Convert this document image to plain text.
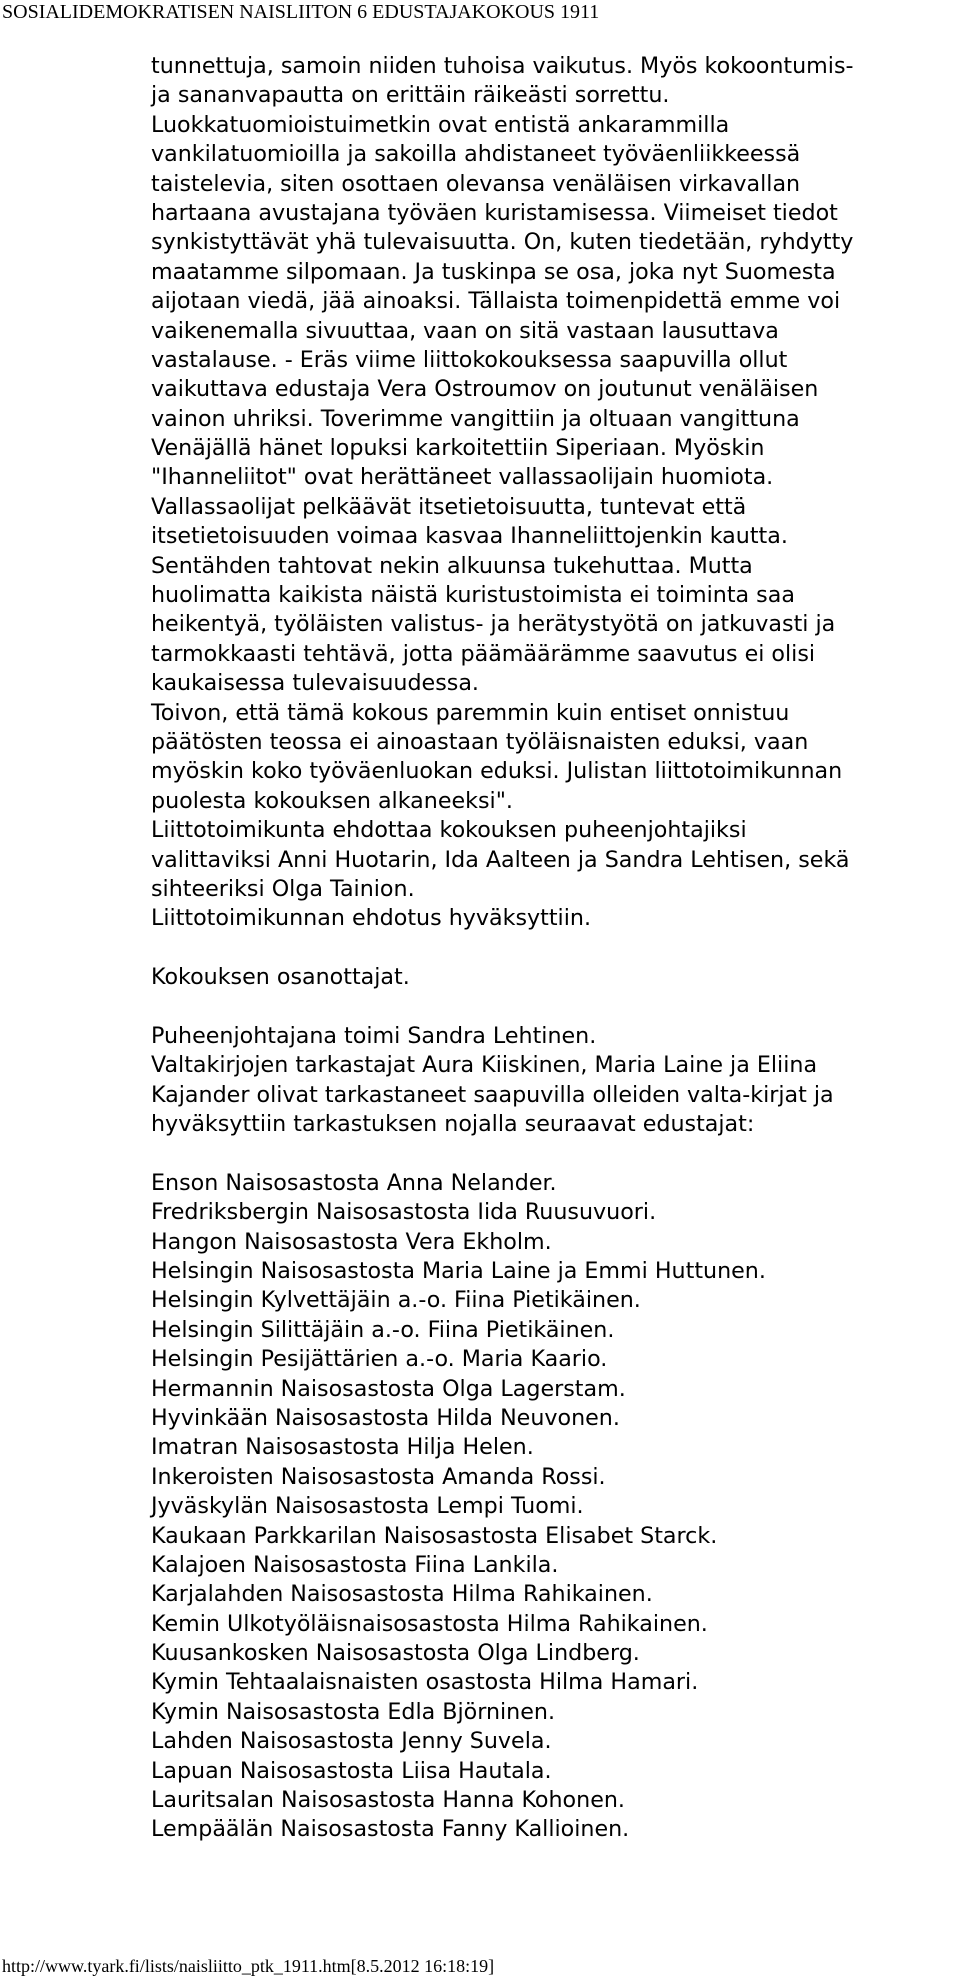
SOSIALIDEMOKRATISEN NAISLIITON 6 EDUSTAJAKOKOUS 1911
tunnettuja, samoin niiden tuhoisa vaikutus. Myös kokoontumis-
ja sananvapautta on erittäin räikeästi sorrettu.
Luokkatuomioistuimetkin ovat entistä ankarammilla
vankilatuomioilla ja sakoilla ahdistaneet työväenliikkeessä
taistelevia, siten osottaen olevansa venäläisen virkavallan
hartaana avustajana työväen kuristamisessa. Viimeiset tiedot
synkistyttävät yhä tulevaisuutta. On, kuten tiedetään, ryhdytty
maatamme silpomaan. Ja tuskinpa se osa, joka nyt Suomesta
aijotaan viedä, jää ainoaksi. Tällaista toimenpidettä emme voi
vaikenemalla sivuuttaa, vaan on sitä vastaan lausuttava
vastalause. - Eräs viime liittokokouksessa saapuvilla ollut
vaikuttava edustaja Vera Ostroumov on joutunut venäläisen
vainon uhriksi. Toverimme vangittiin ja oltuaan vangittuna
Venäjällä hänet lopuksi karkoitettiin Siperiaan. Myöskin
"Ihanneliitot" ovat herättäneet vallassaolijain huomiota.
Vallassaolijat pelkäävät itsetietoisuutta, tuntevat että
itsetietoisuuden voimaa kasvaa Ihanneliittojenkin kautta.
Sentähden tahtovat nekin alkuunsa tukehuttaa. Mutta
huolimatta kaikista näistä kuristustoimista ei toiminta saa
heikentyä, työläisten valistus- ja herätystyötä on jatkuvasti ja
tarmokkaasti tehtävä, jotta päämäärämme saavutus ei olisi
kaukaisessa tulevaisuudessa.
Toivon, että tämä kokous paremmin kuin entiset onnistuu
päätösten teossa ei ainoastaan työläisnaisten eduksi, vaan
myöskin koko työväenluokan eduksi. Julistan liittotoimikunnan
puolesta kokouksen alkaneeksi".
Liittotoimikunta ehdottaa kokouksen puheenjohtajiksi
valittaviksi Anni Huotarin, Ida Aalteen ja Sandra Lehtisen, sekä
sihteeriksi Olga Tainion.
Liittotoimikunnan ehdotus hyväksyttiin.
Kokouksen osanottajat.
Puheenjohtajana toimi Sandra Lehtinen.
Valtakirjojen tarkastajat Aura Kiiskinen, Maria Laine ja Eliina
Kajander olivat tarkastaneet saapuvilla olleiden valta-kirjat ja
hyväksyttiin tarkastuksen nojalla seuraavat edustajat:
Enson Naisosastosta Anna Nelander.
Fredriksbergin Naisosastosta Iida Ruusuvuori.
Hangon Naisosastosta Vera Ekholm.
Helsingin Naisosastosta Maria Laine ja Emmi Huttunen.
Helsingin Kylvettäjäin a.-o. Fiina Pietikäinen.
Helsingin Silittäjäin a.-o. Fiina Pietikäinen.
Helsingin Pesijättärien a.-o. Maria Kaario.
Hermannin Naisosastosta Olga Lagerstam.
Hyvinkään Naisosastosta Hilda Neuvonen.
Imatran Naisosastosta Hilja Helen.
Inkeroisten Naisosastosta Amanda Rossi.
Jyväskylän Naisosastosta Lempi Tuomi.
Kaukaan Parkkarilan Naisosastosta Elisabet Starck.
Kalajoen Naisosastosta Fiina Lankila.
Karjalahden Naisosastosta Hilma Rahikainen.
Kemin Ulkotyöläisnaisosastosta Hilma Rahikainen.
Kuusankosken Naisosastosta Olga Lindberg.
Kymin Tehtaalaisnaisten osastosta Hilma Hamari.
Kymin Naisosastosta Edla Björninen.
Lahden Naisosastosta Jenny Suvela.
Lapuan Naisosastosta Liisa Hautala.
Lauritsalan Naisosastosta Hanna Kohonen.
Lempäälän Naisosastosta Fanny Kallioinen.
http://www.tyark.fi/lists/naisliitto_ptk_1911.htm[8.5.2012 16:18:19]
